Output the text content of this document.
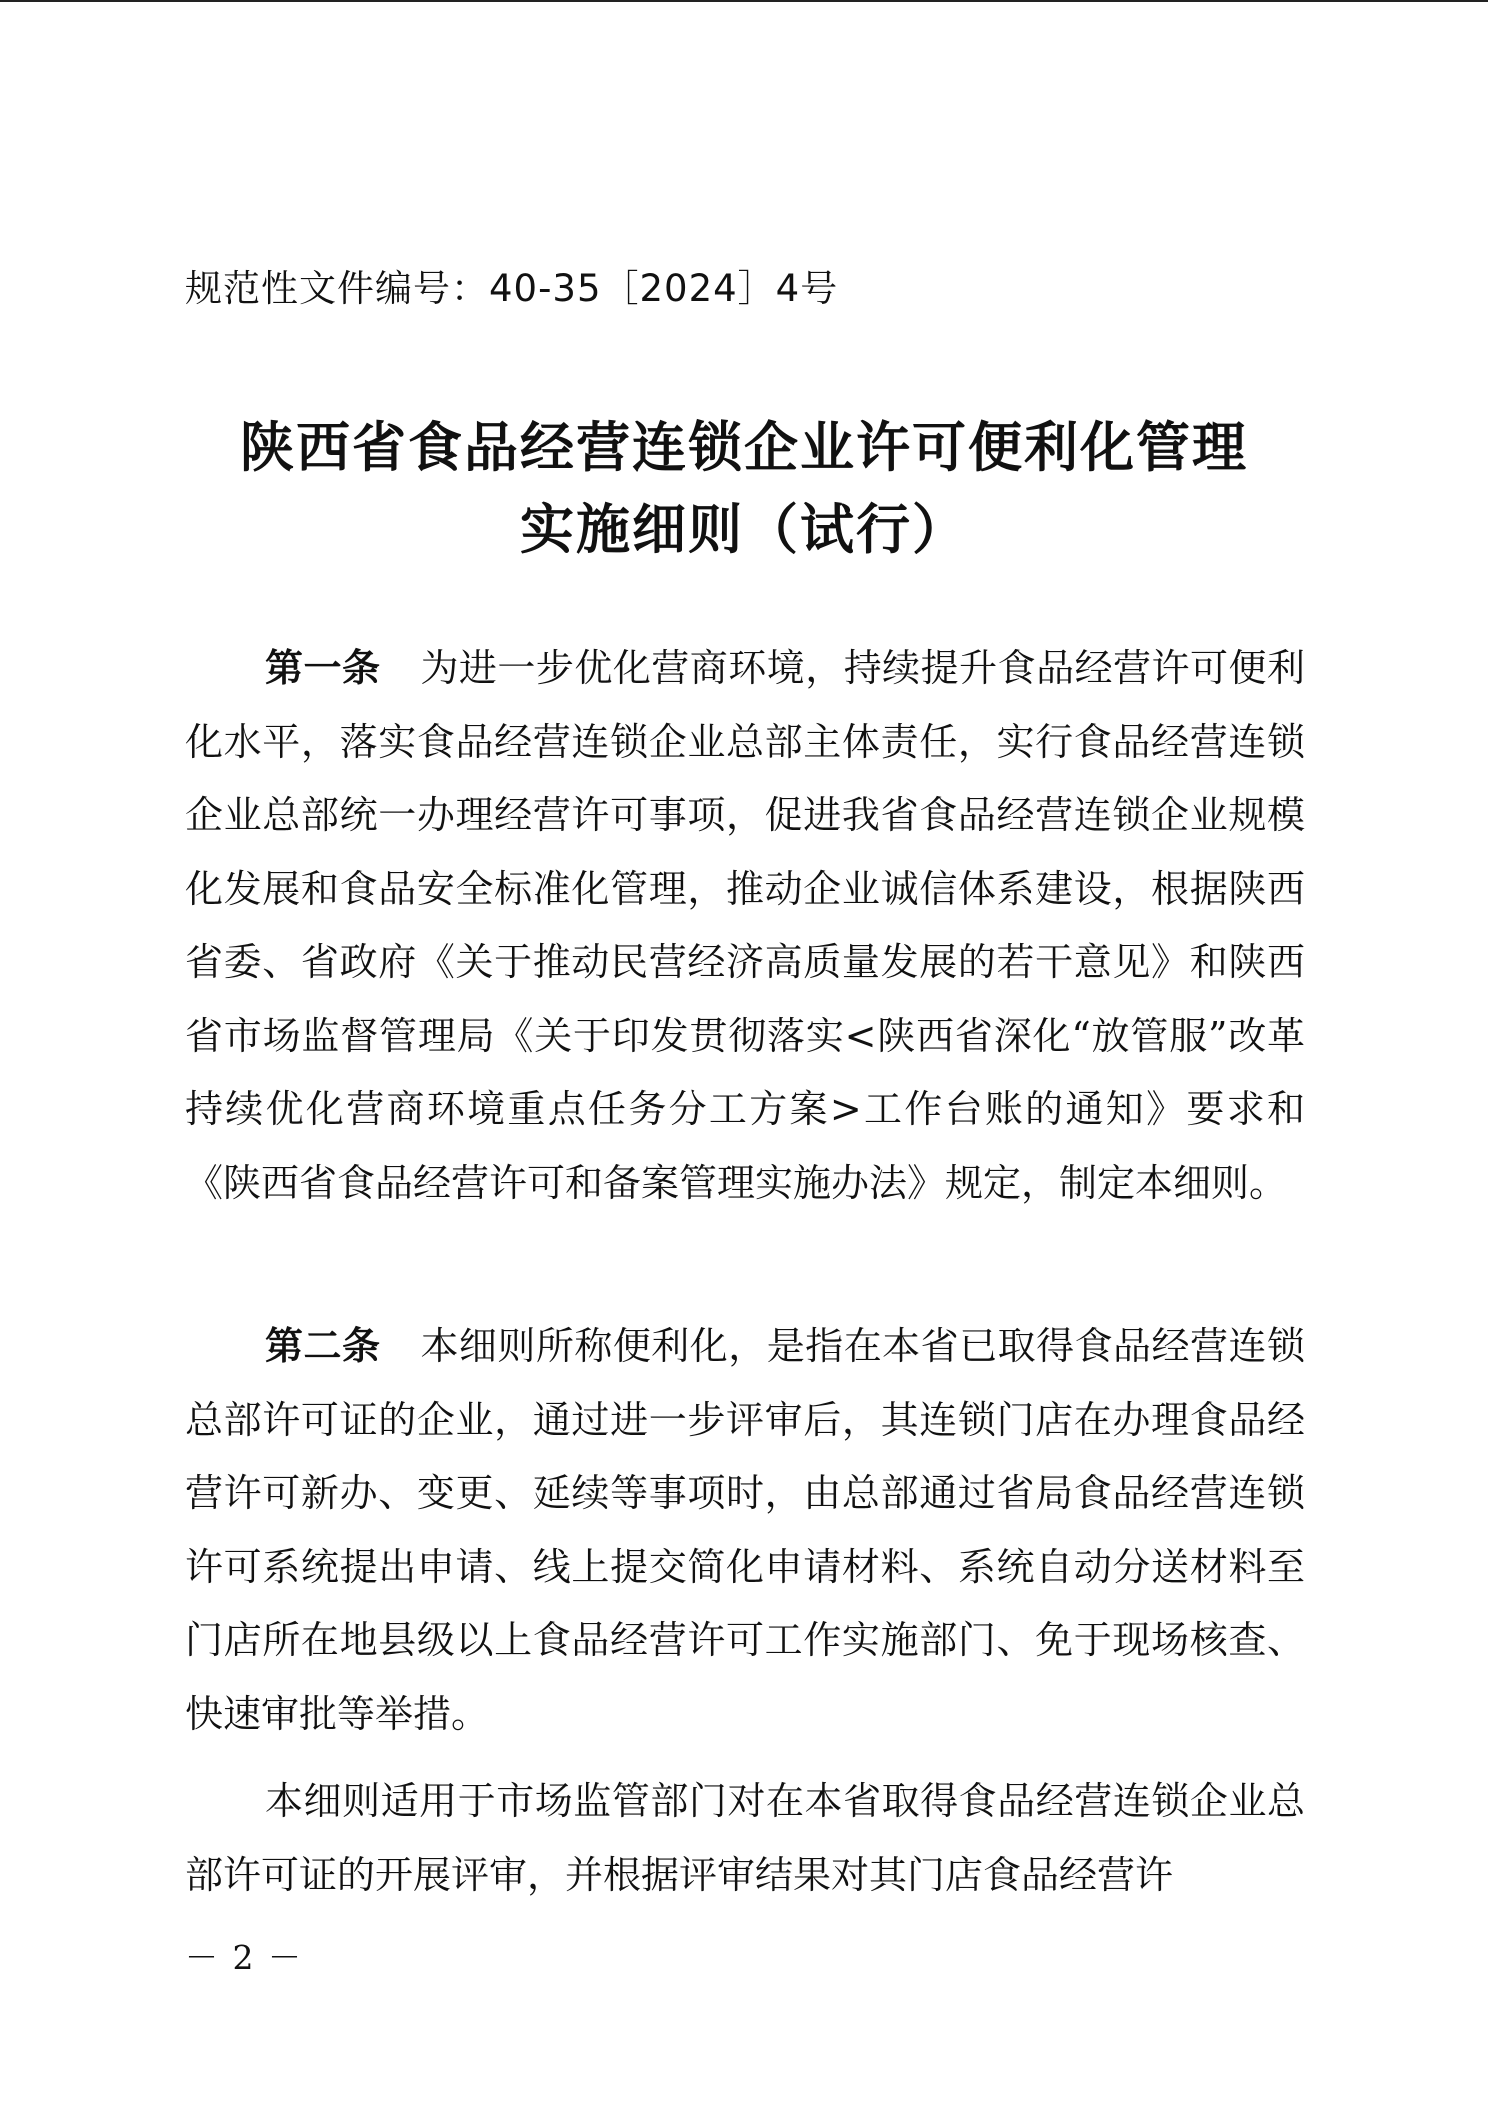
规范性文件编号：40-35［2024］4号
陕西省食品经营连锁企业许可便利化管理
实施细则（试行）

第一条 为进一步优化营商环境，持续提升食品经营许可便利化水平，落实食品经营连锁企业总部主体责任，实行食品经营连锁企业总部统一办理经营许可事项，促进我省食品经营连锁企业规模化发展和食品安全标准化管理，推动企业诚信体系建设，根据陕西省委、省政府《关于推动民营经济高质量发展的若干意见》和陕西省市场监督管理局《关于印发贯彻落实<陕西省深化“放管服”改革持续优化营商环境重点任务分工方案>工作台账的通知》要求和《陕西省食品经营许可和备案管理实施办法》规定，制定本细则。

第二条 本细则所称便利化，是指在本省已取得食品经营连锁总部许可证的企业，通过进一步评审后，其连锁门店在办理食品经营许可新办、变更、延续等事项时，由总部通过省局食品经营连锁许可系统提出申请、线上提交简化申请材料、系统自动分送材料至门店所在地县级以上食品经营许可工作实施部门、免于现场核查、快速审批等举措。

本细则适用于市场监管部门对在本省取得食品经营连锁企业总部许可证的开展评审，并根据评审结果对其门店食品经营许

－ 2 －
